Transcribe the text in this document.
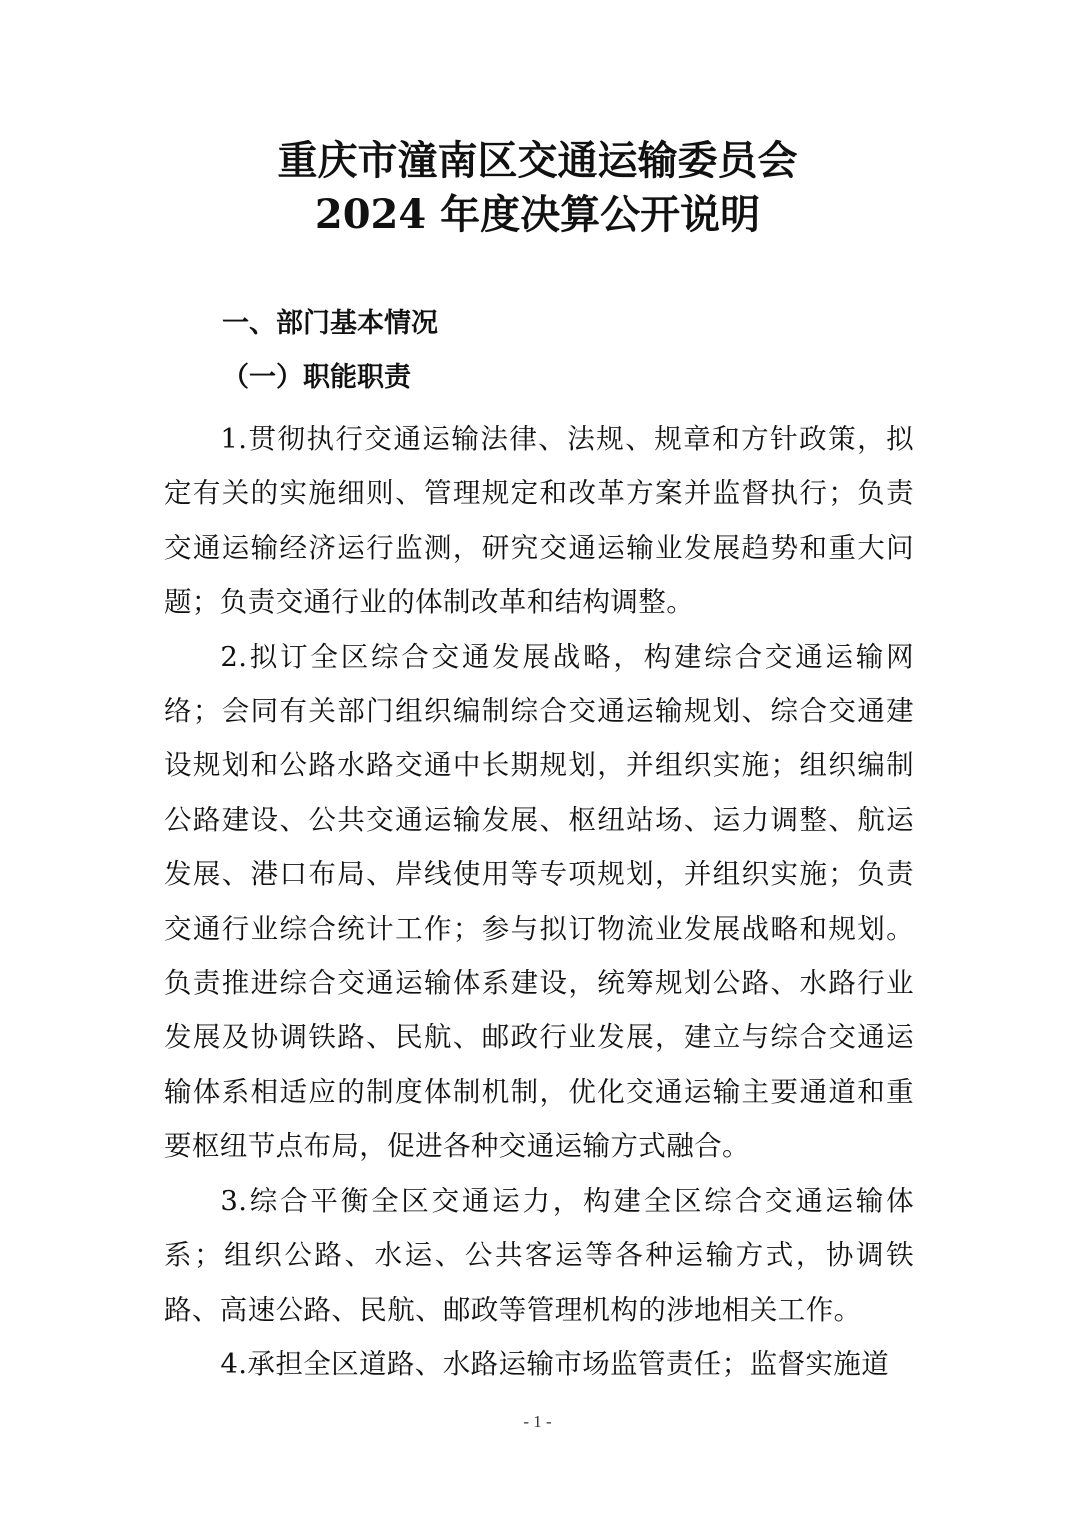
重庆市潼南区交通运输委员会
2024 年度决算公开说明
一、部门基本情况
（一）职能职责

1.贯彻执行交通运输法律、法规、规章和方针政策，拟定有关的实施细则、管理规定和改革方案并监督执行；负责交通运输经济运行监测，研究交通运输业发展趋势和重大问题；负责交通行业的体制改革和结构调整。

2.拟订全区综合交通发展战略，构建综合交通运输网络；会同有关部门组织编制综合交通运输规划、综合交通建设规划和公路水路交通中长期规划，并组织实施；组织编制公路建设、公共交通运输发展、枢纽站场、运力调整、航运发展、港口布局、岸线使用等专项规划，并组织实施；负责交通行业综合统计工作；参与拟订物流业发展战略和规划。负责推进综合交通运输体系建设，统筹规划公路、水路行业发展及协调铁路、民航、邮政行业发展，建立与综合交通运输体系相适应的制度体制机制，优化交通运输主要通道和重要枢纽节点布局，促进各种交通运输方式融合。

3.综合平衡全区交通运力，构建全区综合交通运输体系；组织公路、水运、公共客运等各种运输方式，协调铁路、高速公路、民航、邮政等管理机构的涉地相关工作。

4.承担全区道路、水路运输市场监管责任；监督实施道

- 1 -
